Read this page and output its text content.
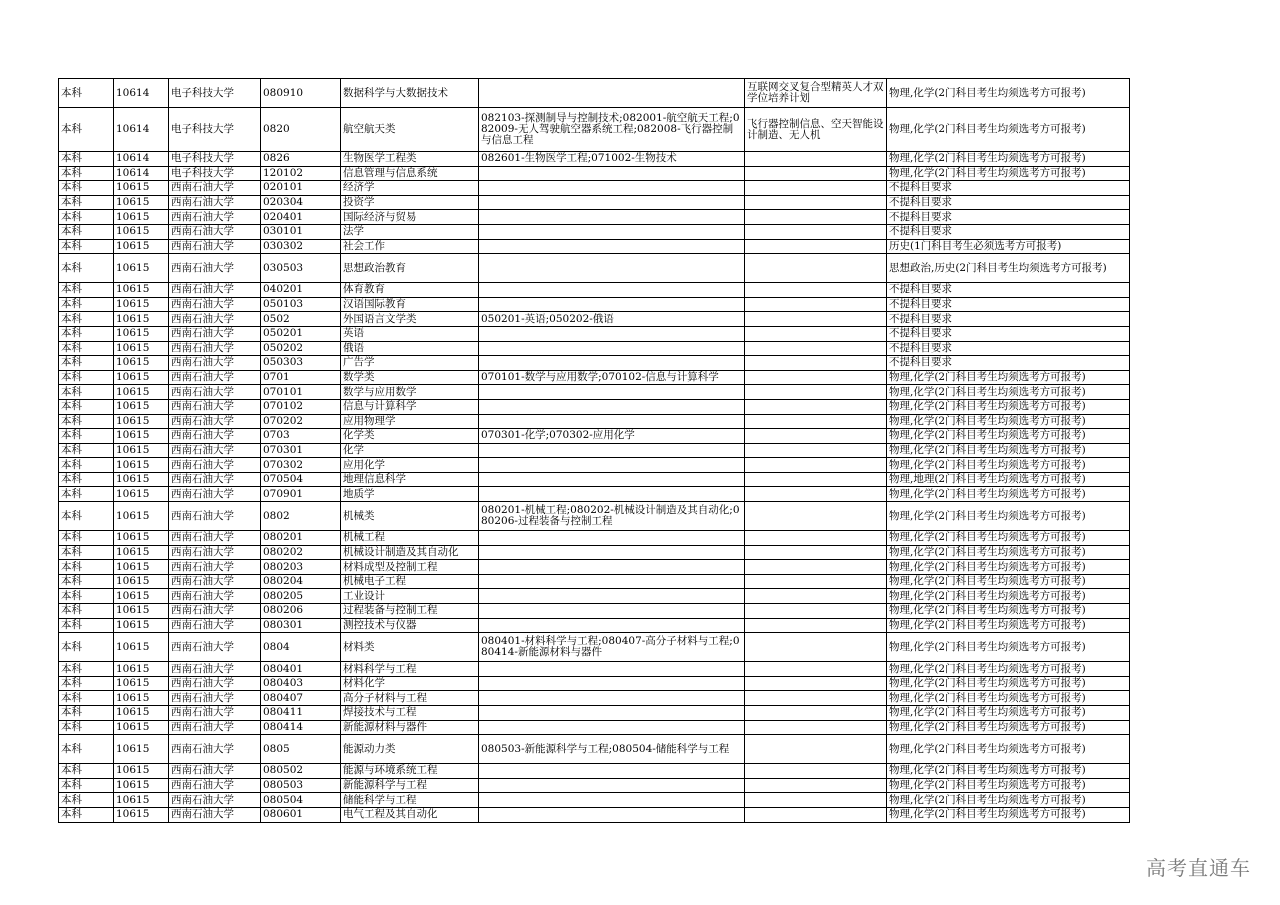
本科	10614	电子科技大学	080910	数据科学与大数据技术		互联网交叉复合型精英人才双学位培养计划	物理,化学(2门科目考生均须选考方可报考)
本科	10614	电子科技大学	0820	航空航天类	082103-探测制导与控制技术;082001-航空航天工程;082009-无人驾驶航空器系统工程;082008-飞行器控制与信息工程	飞行器控制信息、空天智能设计制造、无人机	物理,化学(2门科目考生均须选考方可报考)
本科	10614	电子科技大学	0826	生物医学工程类	082601-生物医学工程;071002-生物技术		物理,化学(2门科目考生均须选考方可报考)
本科	10614	电子科技大学	120102	信息管理与信息系统			物理,化学(2门科目考生均须选考方可报考)
本科	10615	西南石油大学	020101	经济学			不提科目要求
本科	10615	西南石油大学	020304	投资学			不提科目要求
本科	10615	西南石油大学	020401	国际经济与贸易			不提科目要求
本科	10615	西南石油大学	030101	法学			不提科目要求
本科	10615	西南石油大学	030302	社会工作			历史(1门科目考生必须选考方可报考)
本科	10615	西南石油大学	030503	思想政治教育			思想政治,历史(2门科目考生均须选考方可报考)
本科	10615	西南石油大学	040201	体育教育			不提科目要求
本科	10615	西南石油大学	050103	汉语国际教育			不提科目要求
本科	10615	西南石油大学	0502	外国语言文学类	050201-英语;050202-俄语		不提科目要求
本科	10615	西南石油大学	050201	英语			不提科目要求
本科	10615	西南石油大学	050202	俄语			不提科目要求
本科	10615	西南石油大学	050303	广告学			不提科目要求
本科	10615	西南石油大学	0701	数学类	070101-数学与应用数学;070102-信息与计算科学		物理,化学(2门科目考生均须选考方可报考)
本科	10615	西南石油大学	070101	数学与应用数学			物理,化学(2门科目考生均须选考方可报考)
本科	10615	西南石油大学	070102	信息与计算科学			物理,化学(2门科目考生均须选考方可报考)
本科	10615	西南石油大学	070202	应用物理学			物理,化学(2门科目考生均须选考方可报考)
本科	10615	西南石油大学	0703	化学类	070301-化学;070302-应用化学		物理,化学(2门科目考生均须选考方可报考)
本科	10615	西南石油大学	070301	化学			物理,化学(2门科目考生均须选考方可报考)
本科	10615	西南石油大学	070302	应用化学			物理,化学(2门科目考生均须选考方可报考)
本科	10615	西南石油大学	070504	地理信息科学			物理,地理(2门科目考生均须选考方可报考)
本科	10615	西南石油大学	070901	地质学			物理,化学(2门科目考生均须选考方可报考)
本科	10615	西南石油大学	0802	机械类	080201-机械工程;080202-机械设计制造及其自动化;080206-过程装备与控制工程		物理,化学(2门科目考生均须选考方可报考)
本科	10615	西南石油大学	080201	机械工程			物理,化学(2门科目考生均须选考方可报考)
本科	10615	西南石油大学	080202	机械设计制造及其自动化			物理,化学(2门科目考生均须选考方可报考)
本科	10615	西南石油大学	080203	材料成型及控制工程			物理,化学(2门科目考生均须选考方可报考)
本科	10615	西南石油大学	080204	机械电子工程			物理,化学(2门科目考生均须选考方可报考)
本科	10615	西南石油大学	080205	工业设计			物理,化学(2门科目考生均须选考方可报考)
本科	10615	西南石油大学	080206	过程装备与控制工程			物理,化学(2门科目考生均须选考方可报考)
本科	10615	西南石油大学	080301	测控技术与仪器			物理,化学(2门科目考生均须选考方可报考)
本科	10615	西南石油大学	0804	材料类	080401-材料科学与工程;080407-高分子材料与工程;080414-新能源材料与器件		物理,化学(2门科目考生均须选考方可报考)
本科	10615	西南石油大学	080401	材料科学与工程			物理,化学(2门科目考生均须选考方可报考)
本科	10615	西南石油大学	080403	材料化学			物理,化学(2门科目考生均须选考方可报考)
本科	10615	西南石油大学	080407	高分子材料与工程			物理,化学(2门科目考生均须选考方可报考)
本科	10615	西南石油大学	080411	焊接技术与工程			物理,化学(2门科目考生均须选考方可报考)
本科	10615	西南石油大学	080414	新能源材料与器件			物理,化学(2门科目考生均须选考方可报考)
本科	10615	西南石油大学	0805	能源动力类	080503-新能源科学与工程;080504-储能科学与工程		物理,化学(2门科目考生均须选考方可报考)
本科	10615	西南石油大学	080502	能源与环境系统工程			物理,化学(2门科目考生均须选考方可报考)
本科	10615	西南石油大学	080503	新能源科学与工程			物理,化学(2门科目考生均须选考方可报考)
本科	10615	西南石油大学	080504	储能科学与工程			物理,化学(2门科目考生均须选考方可报考)
本科	10615	西南石油大学	080601	电气工程及其自动化			物理,化学(2门科目考生均须选考方可报考)
高考直通车
